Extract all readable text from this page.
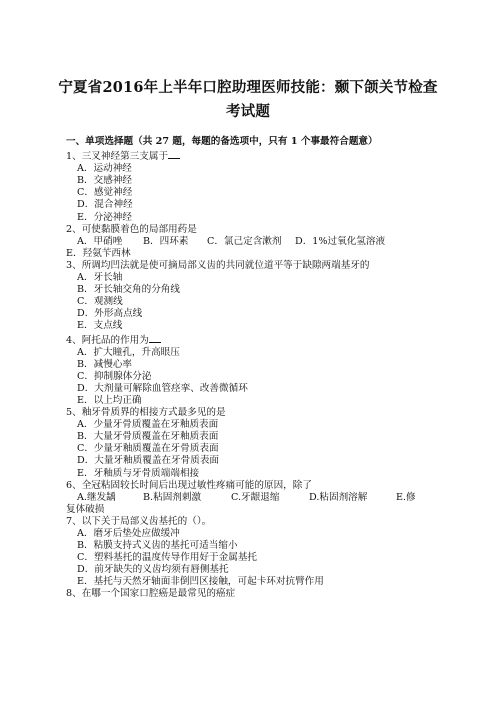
宁夏省2016年上半年口腔助理医师技能：颞下颌关节检查
考试题
一、单项选择题（共 27 题，每题的备选项中，只有 1 个事最符合题意）
1、三叉神经第三支属于
A．运动神经
B．交感神经
C．感觉神经
D．混合神经
E．分泌神经
2、可使黏膜着色的局部用药是
A．甲硝唑 B．四环素 C．氯己定含漱剂 D．1%过氧化氢溶液
E．羟氨苄西林
3、所调均凹法就是使可摘局部义齿的共同就位道平等于缺隙两端基牙的
A．牙长轴
B．牙长轴交角的分角线
C．观测线
D．外形高点线
E．支点线
4、阿托品的作用为
A．扩大瞳孔，升高眼压
B．减慢心率
C．抑制腺体分泌
D．大剂量可解除血管痉挛、改善微循环
E．以上均正确
5、釉牙骨质界的相接方式最多见的是
A．少量牙骨质覆盖在牙釉质表面
B．大量牙骨质覆盖在牙釉质表面
C．少量牙釉质覆盖在牙骨质表面
D．大量牙釉质覆盖在牙骨质表面
E．牙釉质与牙骨质端端相接
6、全冠粘固较长时间后出现过敏性疼痛可能的原因，除了
A.继发龋	B.粘固剂刺激	C.牙龈退缩	D.粘固剂溶解	E.修
复体破损
7、以下关于局部义齿基托的（）。
A．磨牙后垫处应做缓冲
B．粘膜支持式义齿的基托可适当缩小
C．塑料基托的温度传导作用好于金属基托
D．前牙缺失的义齿均须有唇侧基托
E．基托与天然牙轴面非倒凹区接触，可起卡环对抗臂作用
8、在哪一个国家口腔癌是最常见的癌症
